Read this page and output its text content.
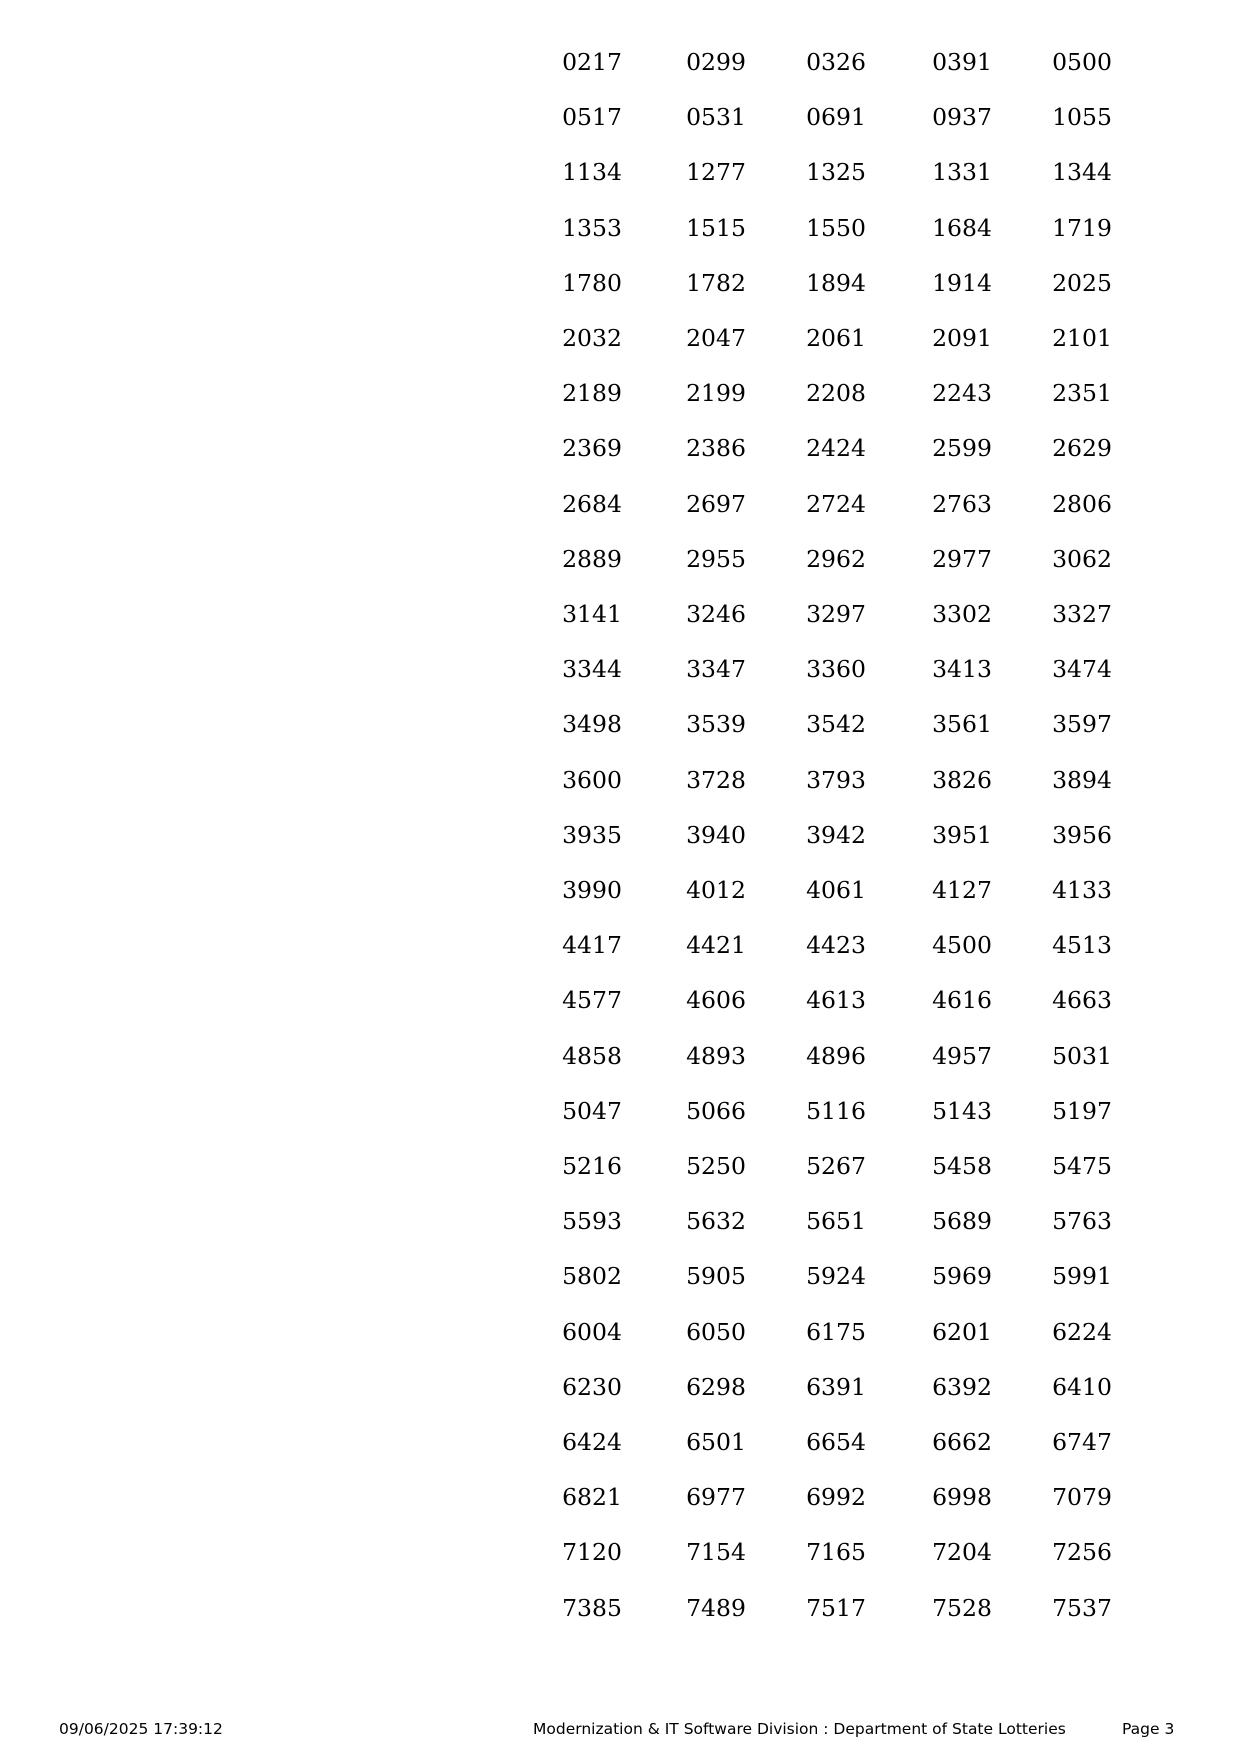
0217	0299	0326	0391	0500
0517	0531	0691	0937	1055
1134	1277	1325	1331	1344
1353	1515	1550	1684	1719
1780	1782	1894	1914	2025
2032	2047	2061	2091	2101
2189	2199	2208	2243	2351
2369	2386	2424	2599	2629
2684	2697	2724	2763	2806
2889	2955	2962	2977	3062
3141	3246	3297	3302	3327
3344	3347	3360	3413	3474
3498	3539	3542	3561	3597
3600	3728	3793	3826	3894
3935	3940	3942	3951	3956
3990	4012	4061	4127	4133
4417	4421	4423	4500	4513
4577	4606	4613	4616	4663
4858	4893	4896	4957	5031
5047	5066	5116	5143	5197
5216	5250	5267	5458	5475
5593	5632	5651	5689	5763
5802	5905	5924	5969	5991
6004	6050	6175	6201	6224
6230	6298	6391	6392	6410
6424	6501	6654	6662	6747
6821	6977	6992	6998	7079
7120	7154	7165	7204	7256
7385	7489	7517	7528	7537
09/06/2025 17:39:12	Modernization & IT Software Division : Department of State Lotteries	Page 3
